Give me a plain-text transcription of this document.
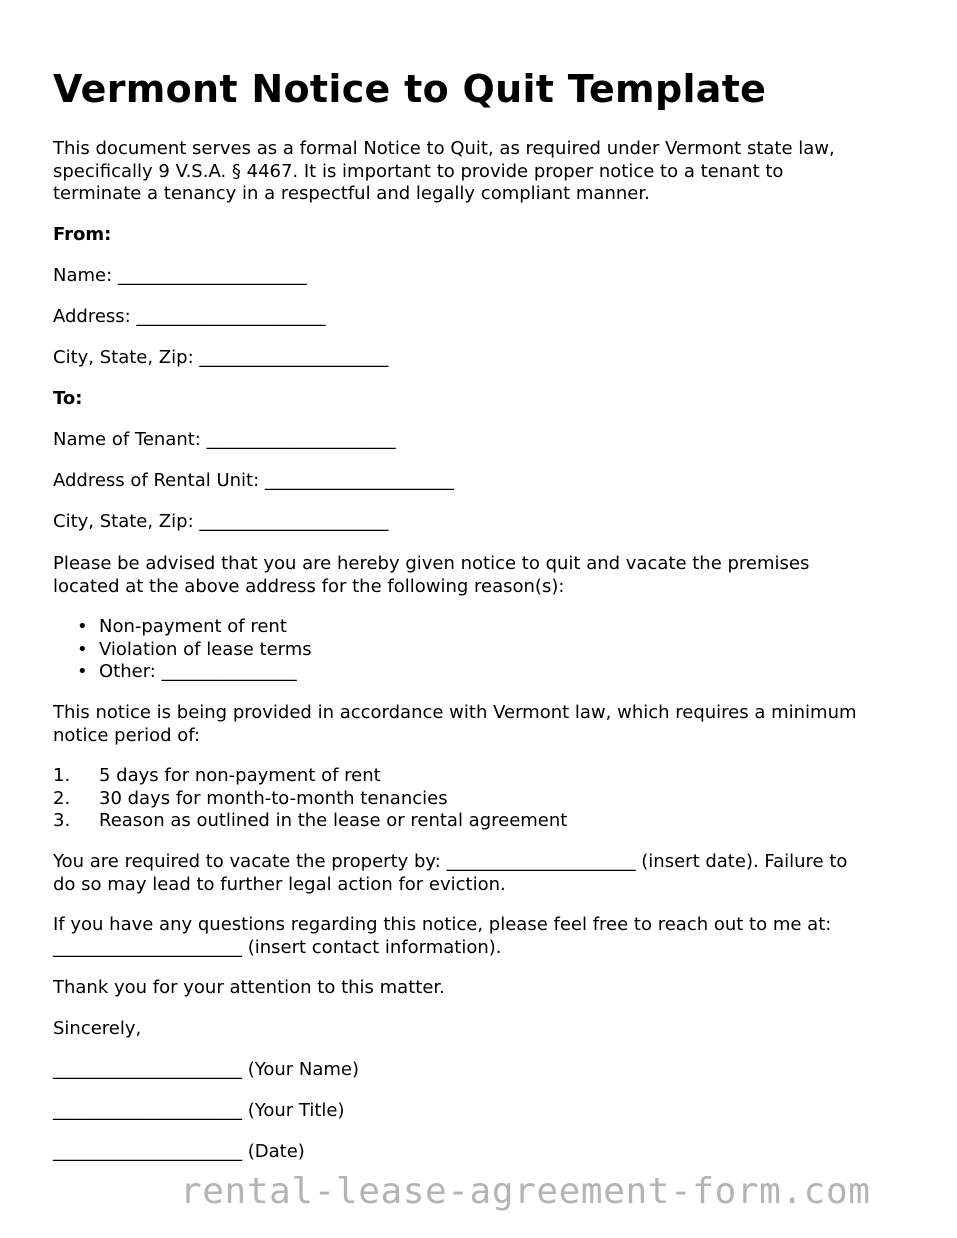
Vermont Notice to Quit Template

This document serves as a formal Notice to Quit, as required under Vermont state law,

specifically 9 V.S.A. § 4467. It is important to provide proper notice to a tenant to

terminate a tenancy in a respectful and legally compliant manner.

From:

Name: _____________________

Address: _____________________

City, State, Zip: _____________________

To:

Name of Tenant: _____________________

Address of Rental Unit: _____________________

City, State, Zip: _____________________

Please be advised that you are hereby given notice to quit and vacate the premises

located at the above address for the following reason(s):

• Non-payment of rent
• Violation of lease terms
• Other: _______________

This notice is being provided in accordance with Vermont law, which requires a minimum

notice period of:

1.	5 days for non-payment of rent
2.	30 days for month-to-month tenancies
3.	Reason as outlined in the lease or rental agreement

You are required to vacate the property by: _____________________ (insert date). Failure to

do so may lead to further legal action for eviction.

If you have any questions regarding this notice, please feel free to reach out to me at:

_____________________ (insert contact information).

Thank you for your attention to this matter.

Sincerely,

_____________________ (Your Name)

_____________________ (Your Title)

_____________________ (Date)

rental-lease-agreement-form.com
